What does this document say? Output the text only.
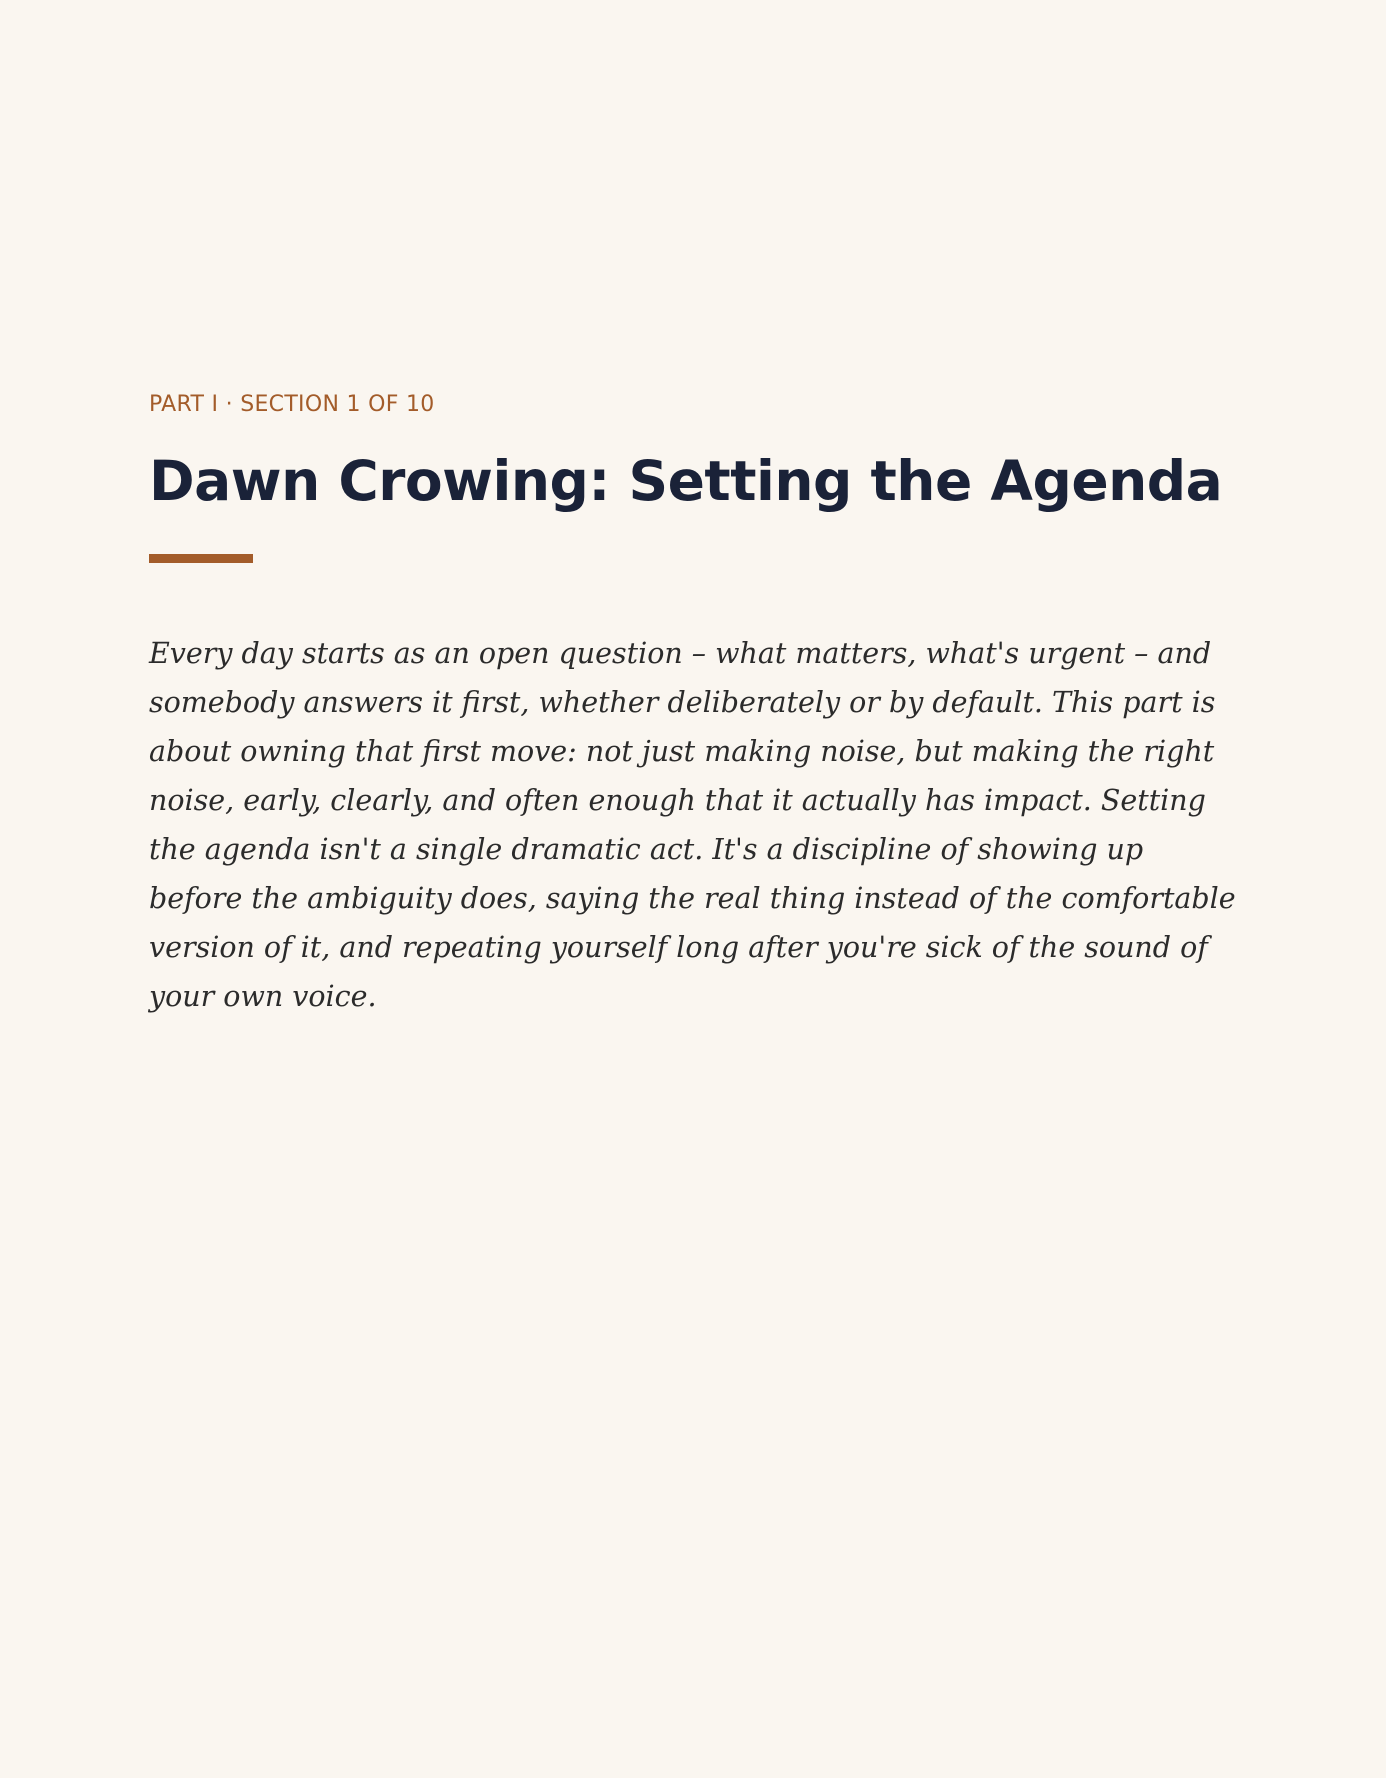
PART I · SECTION 1 OF 10

Dawn Crowing: Setting the Agenda

Every day starts as an open question – what matters, what's urgent – and somebody answers it first, whether deliberately or by default. This part is about owning that first move: not just making noise, but making the right noise, early, clearly, and often enough that it actually has impact. Setting the agenda isn't a single dramatic act. It's a discipline of showing up before the ambiguity does, saying the real thing instead of the comfortable version of it, and repeating yourself long after you're sick of the sound of your own voice.
